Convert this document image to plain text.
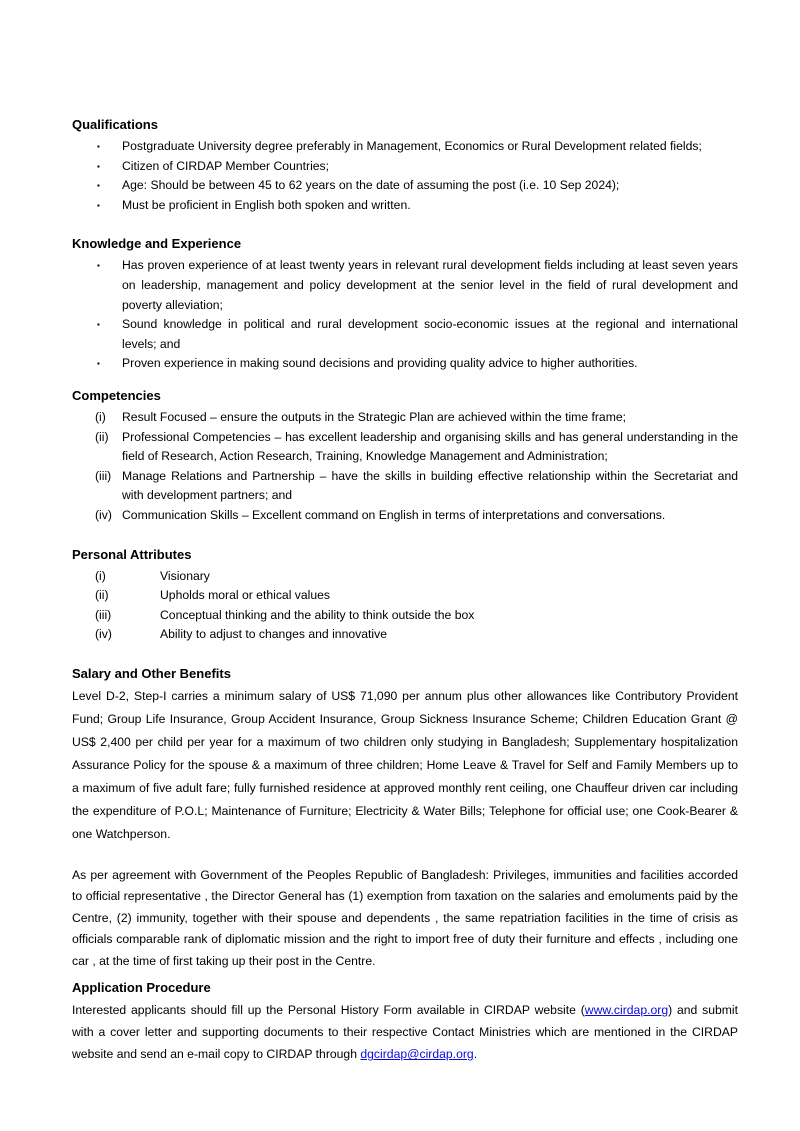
Qualifications
▪	Postgraduate University degree preferably in Management, Economics or Rural Development related fields;
▪	Citizen of CIRDAP Member Countries;
▪	Age: Should be between 45 to 62 years on the date of assuming the post (i.e. 10 Sep 2024);
▪	Must be proficient in English both spoken and written.
Knowledge and Experience
▪	Has proven experience of at least twenty years in relevant rural development fields including at least seven years on leadership, management and policy development at the senior level in the field of rural development and poverty alleviation;
▪	Sound knowledge in political and rural development socio-economic issues at the regional and international levels; and
▪	Proven experience in making sound decisions and providing quality advice to higher authorities.
Competencies
(i)	Result Focused – ensure the outputs in the Strategic Plan are achieved within the time frame;
(ii)	Professional Competencies – has excellent leadership and organising skills and has general understanding in the field of Research, Action Research, Training, Knowledge Management and Administration;
(iii) Manage Relations and Partnership – have the skills in building effective relationship within the Secretariat and with development partners; and
(iv) Communication Skills – Excellent command on English in terms of interpretations and conversations.
Personal Attributes
(i)	Visionary
(ii)	Upholds moral or ethical values
(iii)	Conceptual thinking and the ability to think outside the box
(iv)	Ability to adjust to changes and innovative
Salary and Other Benefits

Level D-2, Step-I carries a minimum salary of US$ 71,090 per annum plus other allowances like Contributory Provident Fund; Group Life Insurance, Group Accident Insurance, Group Sickness Insurance Scheme; Children Education Grant @ US$ 2,400 per child per year for a maximum of two children only studying in Bangladesh; Supplementary hospitalization Assurance Policy for the spouse & a maximum of three children; Home Leave & Travel for Self and Family Members up to a maximum of five adult fare; fully furnished residence at approved monthly rent ceiling, one Chauffeur driven car including the expenditure of P.O.L; Maintenance of Furniture; Electricity & Water Bills; Telephone for official use; one Cook-Bearer & one Watchperson.

As per agreement with Government of the Peoples Republic of Bangladesh: Privileges, immunities and facilities accorded to official representative , the Director General has (1) exemption from taxation on the salaries and emoluments paid by the Centre, (2) immunity, together with their spouse and dependents , the same repatriation facilities in the time of crisis as officials comparable rank of diplomatic mission and the right to import free of duty their furniture and effects , including one car , at the time of first taking up their post in the Centre.

Application Procedure

Interested applicants should fill up the Personal History Form available in CIRDAP website (www.cirdap.org) and submit with a cover letter and supporting documents to their respective Contact Ministries which are mentioned in the CIRDAP website and send an e-mail copy to CIRDAP through dgcirdap@cirdap.org.
